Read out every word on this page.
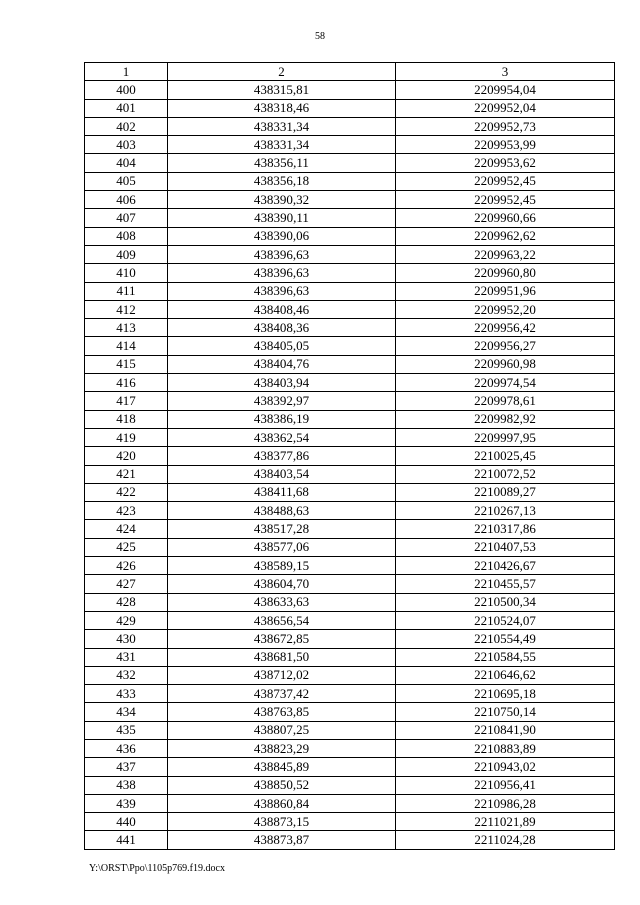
58
1	2	3
400	438315,81	2209954,04
401	438318,46	2209952,04
402	438331,34	2209952,73
403	438331,34	2209953,99
404	438356,11	2209953,62
405	438356,18	2209952,45
406	438390,32	2209952,45
407	438390,11	2209960,66
408	438390,06	2209962,62
409	438396,63	2209963,22
410	438396,63	2209960,80
411	438396,63	2209951,96
412	438408,46	2209952,20
413	438408,36	2209956,42
414	438405,05	2209956,27
415	438404,76	2209960,98
416	438403,94	2209974,54
417	438392,97	2209978,61
418	438386,19	2209982,92
419	438362,54	2209997,95
420	438377,86	2210025,45
421	438403,54	2210072,52
422	438411,68	2210089,27
423	438488,63	2210267,13
424	438517,28	2210317,86
425	438577,06	2210407,53
426	438589,15	2210426,67
427	438604,70	2210455,57
428	438633,63	2210500,34
429	438656,54	2210524,07
430	438672,85	2210554,49
431	438681,50	2210584,55
432	438712,02	2210646,62
433	438737,42	2210695,18
434	438763,85	2210750,14
435	438807,25	2210841,90
436	438823,29	2210883,89
437	438845,89	2210943,02
438	438850,52	2210956,41
439	438860,84	2210986,28
440	438873,15	2211021,89
441	438873,87	2211024,28
Y:\ORST\Ppo\1105p769.f19.docx
